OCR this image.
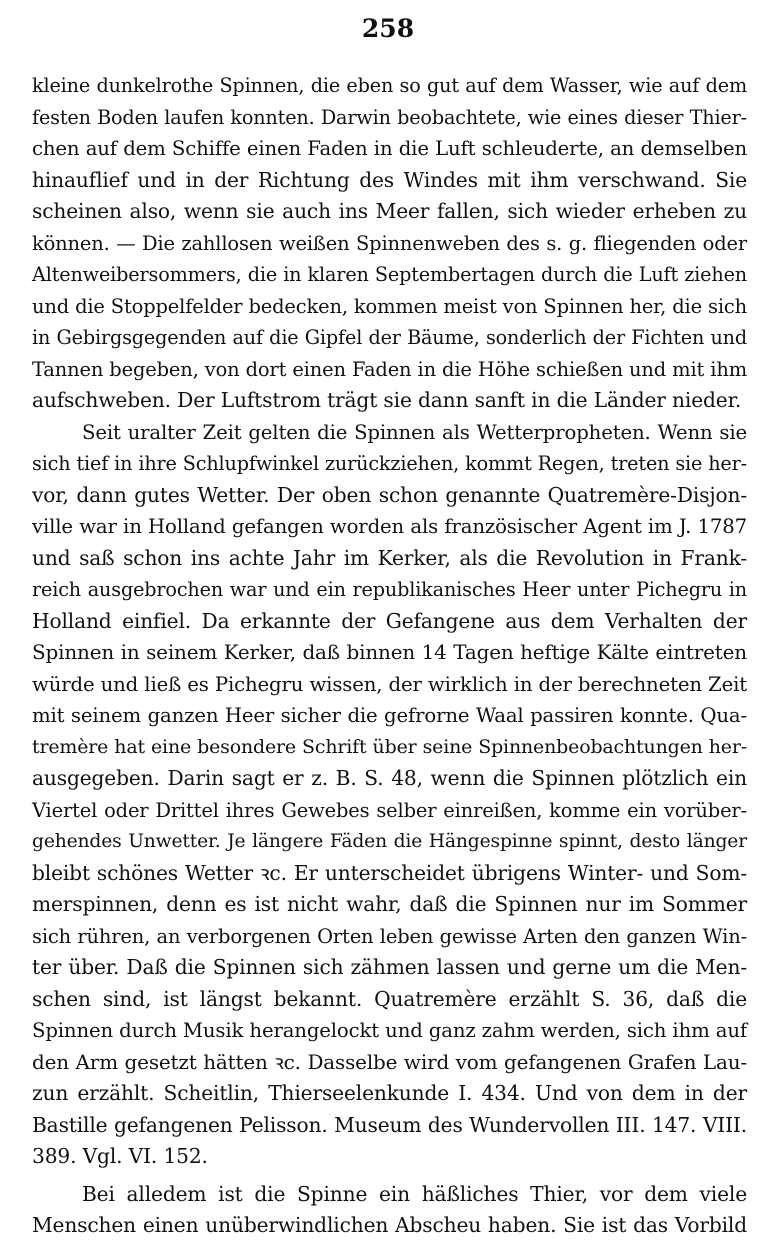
258
kleine dunkelrothe Spinnen, die eben so gut auf dem Wasser, wie auf dem
festen Boden laufen konnten. Darwin beobachtete, wie eines dieser Thier-
chen auf dem Schiffe einen Faden in die Luft schleuderte, an demselben
hinauflief und in der Richtung des Windes mit ihm verschwand. Sie
scheinen also, wenn sie auch ins Meer fallen, sich wieder erheben zu
können. — Die zahllosen weißen Spinnenweben des s. g. fliegenden oder
Altenweibersommers, die in klaren Septembertagen durch die Luft ziehen
und die Stoppelfelder bedecken, kommen meist von Spinnen her, die sich
in Gebirgsgegenden auf die Gipfel der Bäume, sonderlich der Fichten und
Tannen begeben, von dort einen Faden in die Höhe schießen und mit ihm
aufschweben. Der Luftstrom trägt sie dann sanft in die Länder nieder.
Seit uralter Zeit gelten die Spinnen als Wetterpropheten. Wenn sie
sich tief in ihre Schlupfwinkel zurückziehen, kommt Regen, treten sie her-
vor, dann gutes Wetter. Der oben schon genannte Quatremère-Disjon-
ville war in Holland gefangen worden als französischer Agent im J. 1787
und saß schon ins achte Jahr im Kerker, als die Revolution in Frank-
reich ausgebrochen war und ein republikanisches Heer unter Pichegru in
Holland einfiel. Da erkannte der Gefangene aus dem Verhalten der
Spinnen in seinem Kerker, daß binnen 14 Tagen heftige Kälte eintreten
würde und ließ es Pichegru wissen, der wirklich in der berechneten Zeit
mit seinem ganzen Heer sicher die gefrorne Waal passiren konnte. Qua-
tremère hat eine besondere Schrift über seine Spinnenbeobachtungen her-
ausgegeben. Darin sagt er z. B. S. 48, wenn die Spinnen plötzlich ein
Viertel oder Drittel ihres Gewebes selber einreißen, komme ein vorüber-
gehendes Unwetter. Je längere Fäden die Hängespinne spinnt, desto länger
bleibt schönes Wetter ꝛc. Er unterscheidet übrigens Winter- und Som-
merspinnen, denn es ist nicht wahr, daß die Spinnen nur im Sommer
sich rühren, an verborgenen Orten leben gewisse Arten den ganzen Win-
ter über. Daß die Spinnen sich zähmen lassen und gerne um die Men-
schen sind, ist längst bekannt. Quatremère erzählt S. 36, daß die
Spinnen durch Musik herangelockt und ganz zahm werden, sich ihm auf
den Arm gesetzt hätten ꝛc. Dasselbe wird vom gefangenen Grafen Lau-
zun erzählt. Scheitlin, Thierseelenkunde I. 434. Und von dem in der
Bastille gefangenen Pelisson. Museum des Wundervollen III. 147. VIII.
389. Vgl. VI. 152.
Bei alledem ist die Spinne ein häßliches Thier, vor dem viele
Menschen einen unüberwindlichen Abscheu haben. Sie ist das Vorbild
